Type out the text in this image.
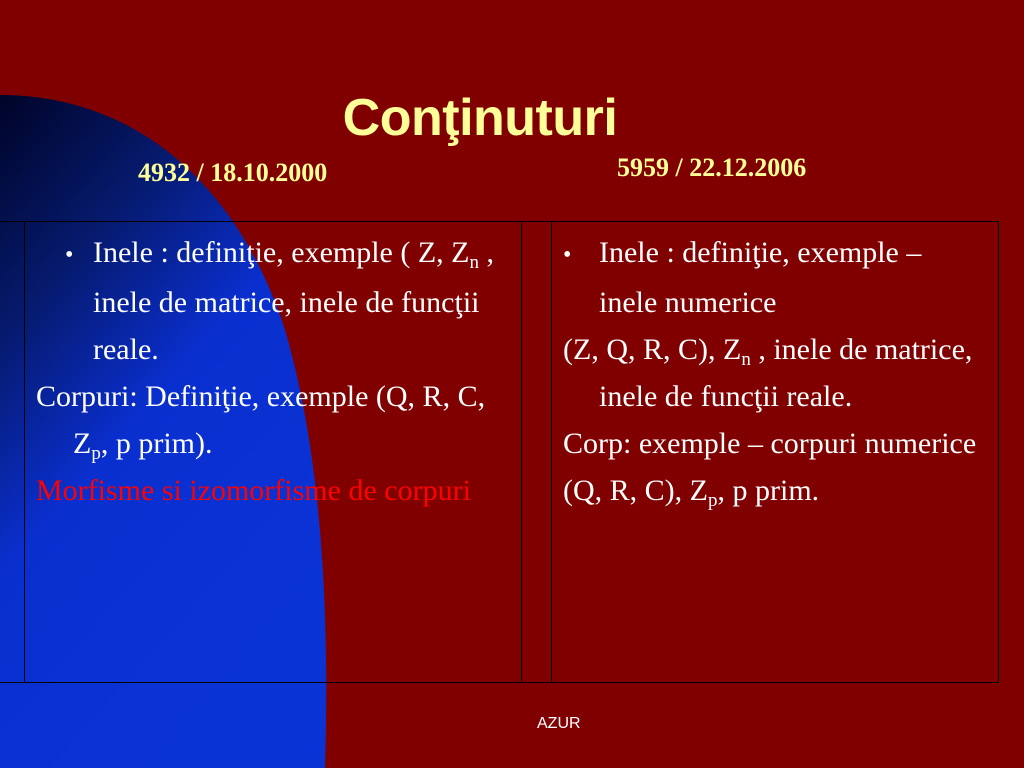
Conţinuturi
4932 / 18.10.2000	5959 / 22.12.2006

• Inele : definiţie, exemple ( Z, $Z_n$ , inele de matrice, inele de funcţii reale.

Corpuri: Definiţie, exemple (Q, R, C, $Z_p$, p prim).

Morfisme si izomorfisme de corpuri

• Inele : definiţie, exemple – inele numerice

(Z, Q, R, C), $Z_n$ , inele de matrice, inele de funcţii reale.

Corp: exemple – corpuri numerice

(Q, R, C), $Z_p$, p prim.

AZUR
